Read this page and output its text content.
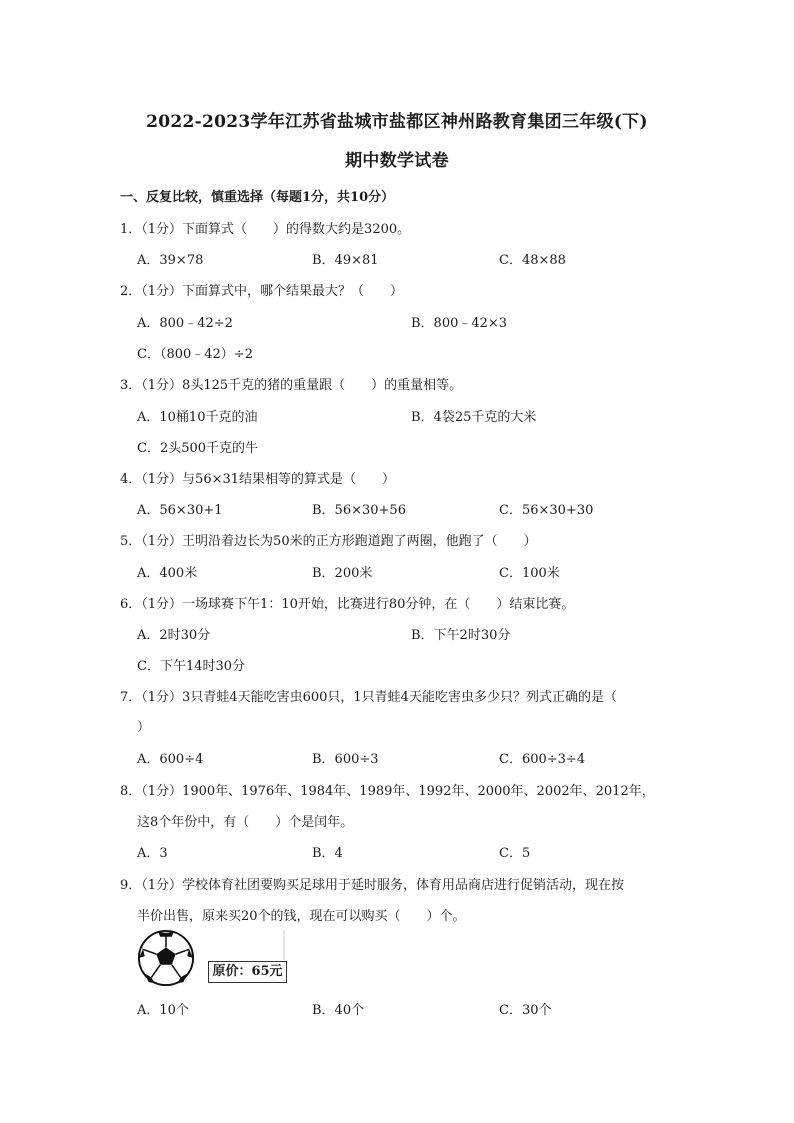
2022-2023学年江苏省盐城市盐都区神州路教育集团三年级(下)
期中数学试卷
一、反复比较，慎重选择（每题1分，共10分）
1．（1分）下面算式（　　）的得数大约是3200。
A．39×78	B．49×81	C．48×88
2．（1分）下面算式中，哪个结果最大？（　　）
A．800﹣42÷2	B．800﹣42×3
C．（800﹣42）÷2
3．（1分）8头125千克的猪的重量跟（　　）的重量相等。
A．10桶10千克的油	B．4袋25千克的大米
C．2头500千克的牛
4．（1分）与56×31结果相等的算式是（　　）
A．56×30+1	B．56×30+56	C．56×30+30
5．（1分）王明沿着边长为50米的正方形跑道跑了两圈，他跑了（　　）
A．400米	B．200米	C．100米
6．（1分）一场球赛下午1：10开始，比赛进行80分钟，在（　　）结束比赛。
A．2时30分	B．下午2时30分
C．下午14时30分
7．（1分）3只青蛙4天能吃害虫600只，1只青蛙4天能吃害虫多少只？列式正确的是（
）
A．600÷4	B．600÷3	C．600÷3÷4
8．（1分）1900年、1976年、1984年、1989年、1992年、2000年、2002年、2012年，
这8个年份中，有（　　）个是闰年。
A．3	B．4	C．5
9．（1分）学校体育社团要购买足球用于延时服务，体育用品商店进行促销活动，现在按
半价出售，原来买20个的钱，现在可以购买（　　）个。
原价：65元
A．10个	B．40个	C．30个
